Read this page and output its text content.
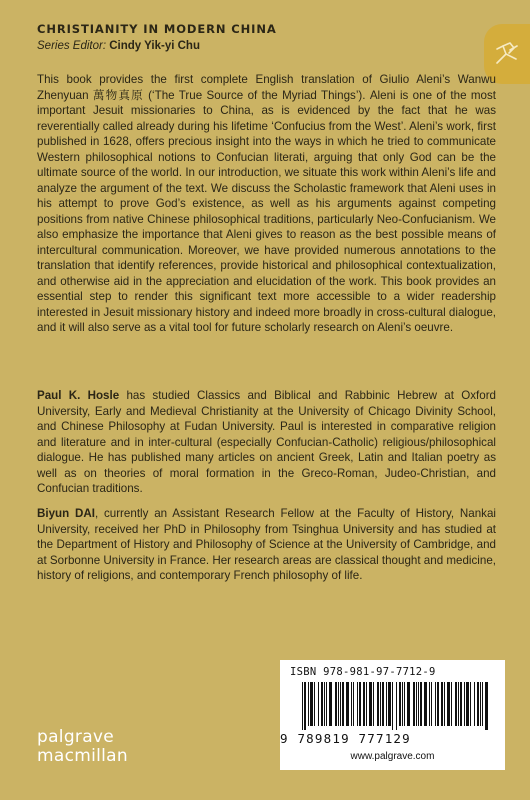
CHRISTIANITY IN MODERN CHINA
Series Editor: Cindy Yik-yi Chu
This book provides the first complete English translation of Giulio Aleni’s Wanwu Zhenyuan 萬物真原 (‘The True Source of the Myriad Things’). Aleni is one of the most important Jesuit missionaries to China, as is evidenced by the fact that he was reverentially called already during his lifetime ‘Confucius from the West’. Aleni’s work, first published in 1628, offers precious insight into the ways in which he tried to communicate Western philosophical notions to Confucian literati, arguing that only God can be the ultimate source of the world. In our introduction, we situate this work within Aleni’s life and analyze the argument of the text. We discuss the Scholastic framework that Aleni uses in his attempt to prove God’s existence, as well as his arguments against competing positions from native Chinese philosophical traditions, particularly Neo-Confucianism. We also emphasize the importance that Aleni gives to reason as the best possible means of intercultural communication. Moreover, we have provided numerous annotations to the translation that identify references, provide historical and philosophical contextualization, and otherwise aid in the appreciation and elucidation of the work. This book provides an essential step to render this significant text more accessible to a wider readership interested in Jesuit missionary history and indeed more broadly in cross-cultural dialogue, and it will also serve as a vital tool for future scholarly research on Aleni’s oeuvre.
Paul K. Hosle has studied Classics and Biblical and Rabbinic Hebrew at Oxford University, Early and Medieval Christianity at the University of Chicago Divinity School, and Chinese Philosophy at Fudan University. Paul is interested in comparative religion and literature and in inter-cultural (especially Confucian-Catholic) religious/philosophical dialogue. He has published many articles on ancient Greek, Latin and Italian poetry as well as on theories of moral formation in the Greco-Roman, Judeo-Christian, and Confucian traditions.
Biyun DAI, currently an Assistant Research Fellow at the Faculty of History, Nankai University, received her PhD in Philosophy from Tsinghua University and has studied at the Department of History and Philosophy of Science at the University of Cambridge, and at Sorbonne University in France. Her research areas are classical thought and medicine, history of religions, and contemporary French philosophy of life.
ISBN 978-981-97-7712-9
9 789819 777129
www.palgrave.com
palgrave
macmillan
